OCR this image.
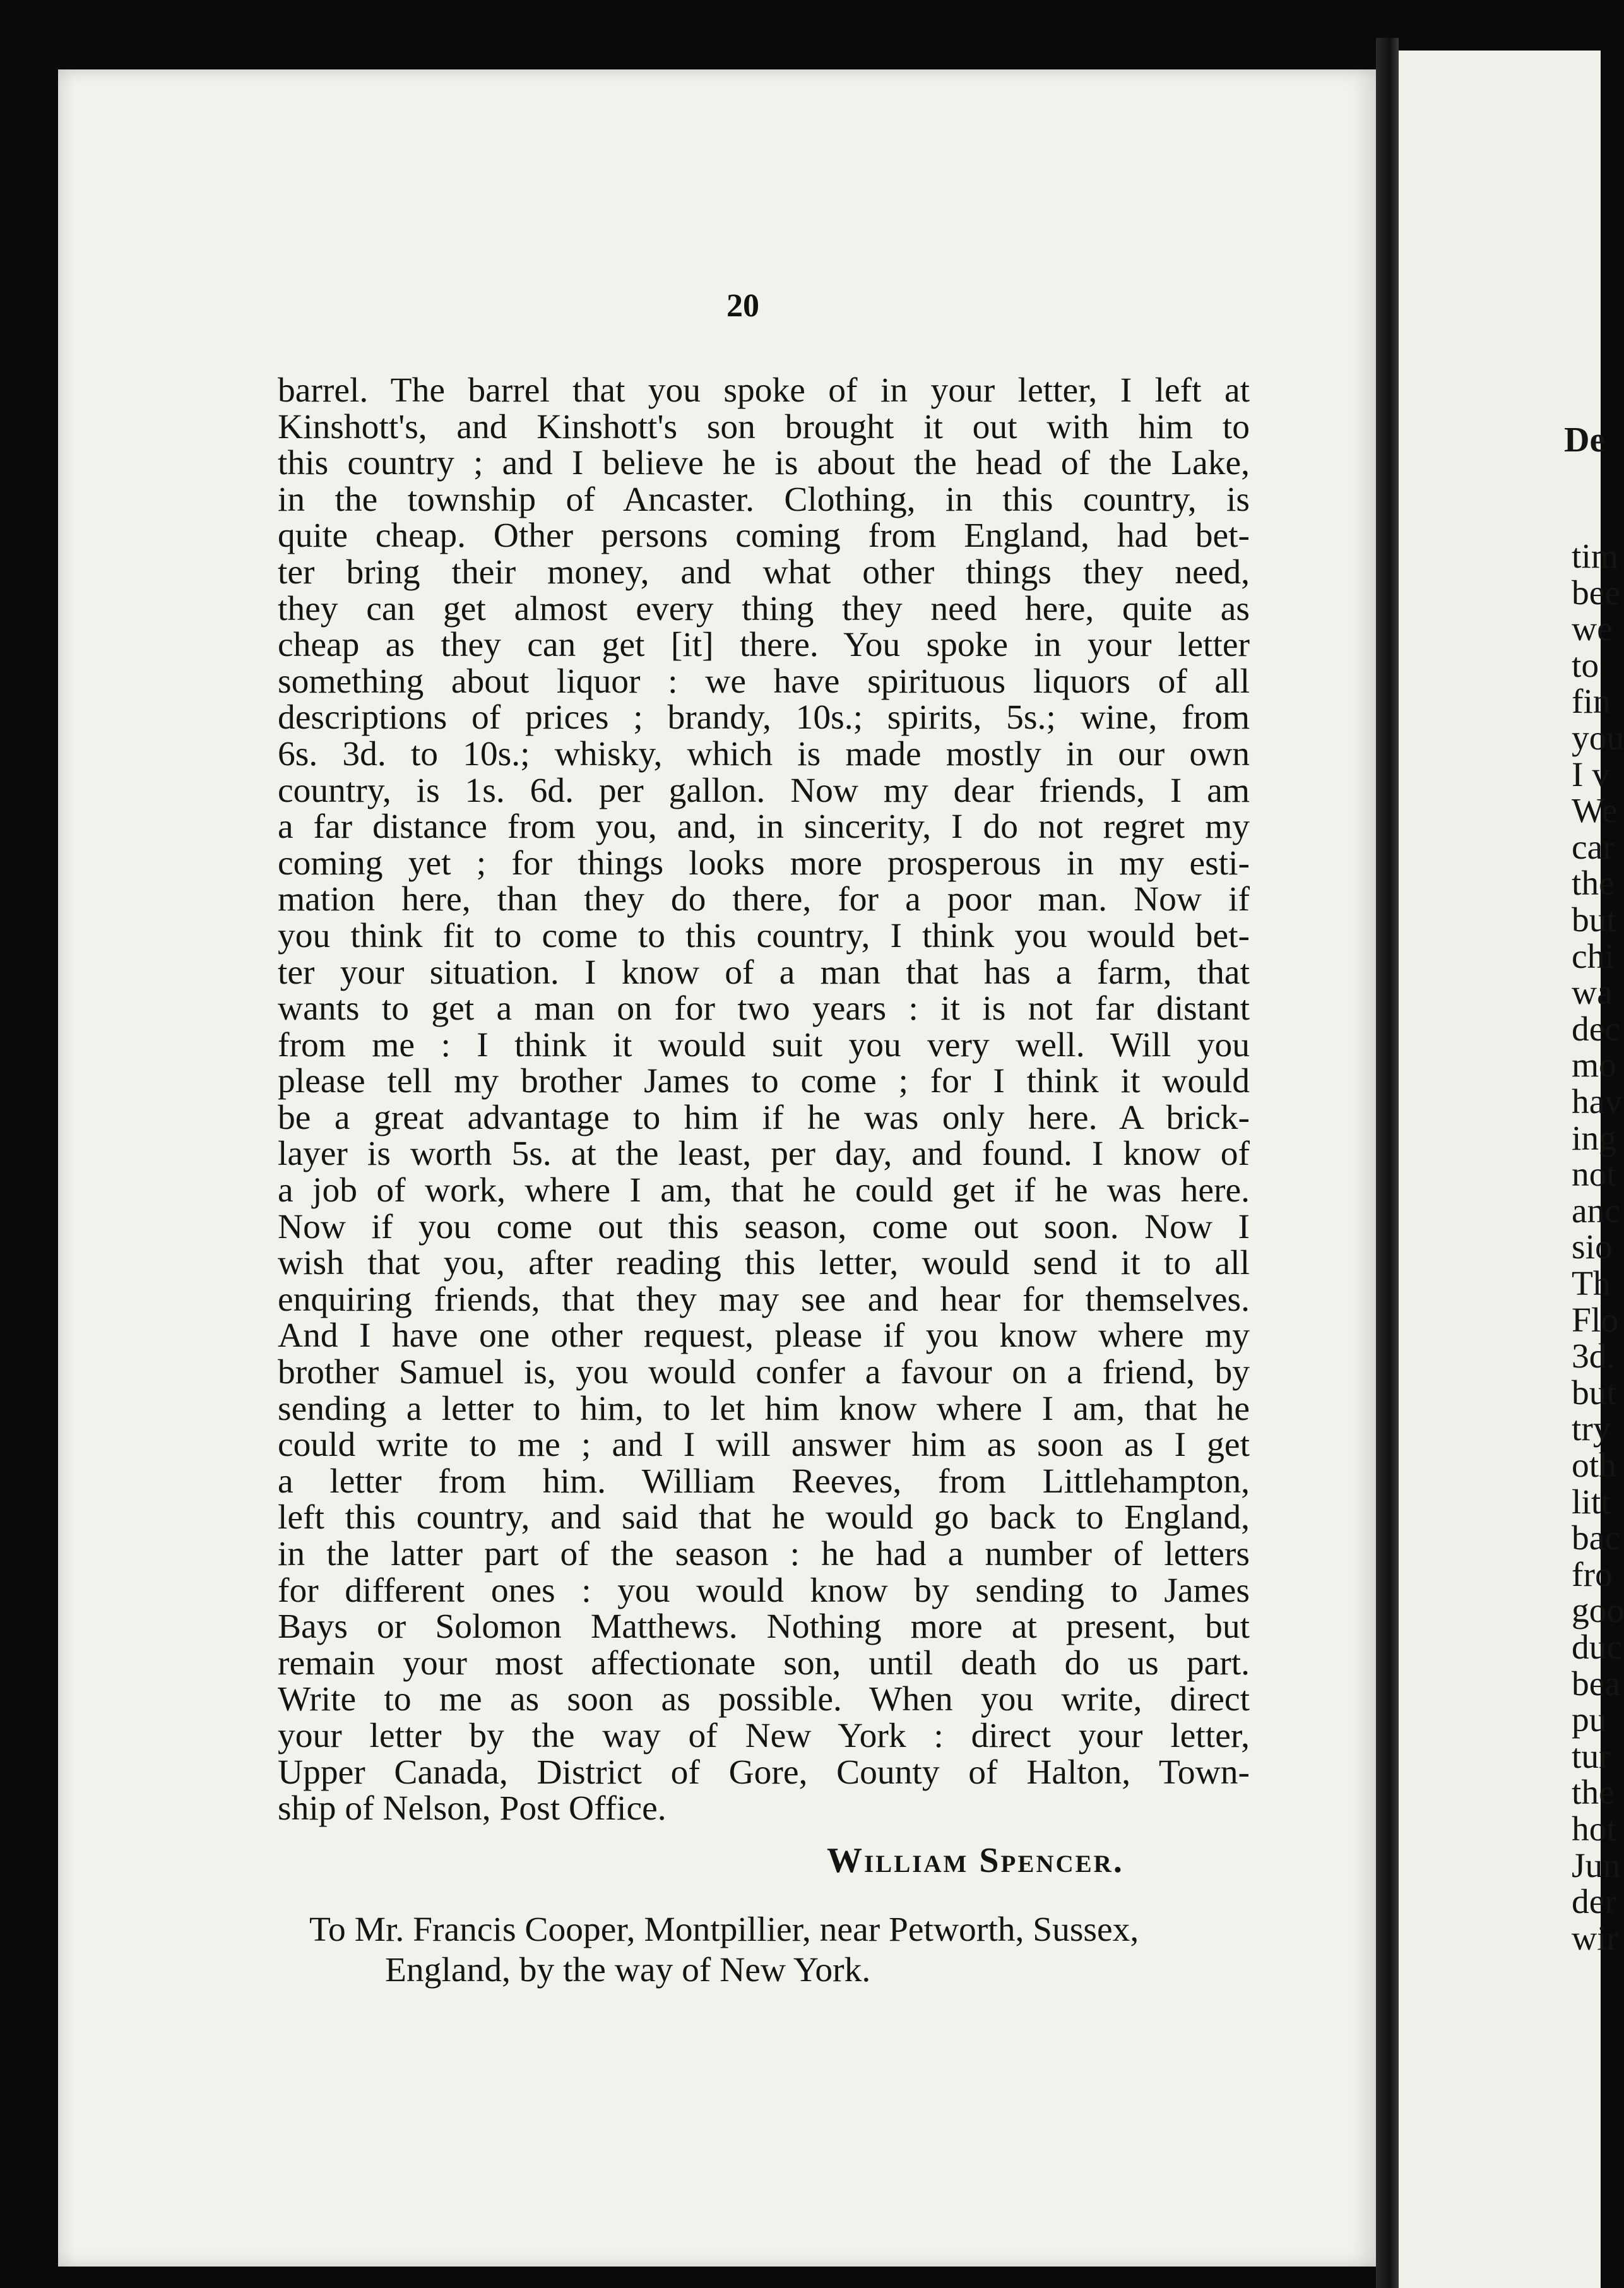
20
barrel. The barrel that you spoke of in your letter, I left at
Kinshott's, and Kinshott's son brought it out with him to
this country ; and I believe he is about the head of the Lake,
in the township of Ancaster. Clothing, in this country, is
quite cheap. Other persons coming from England, had bet-
ter bring their money, and what other things they need,
they can get almost every thing they need here, quite as
cheap as they can get [it] there. You spoke in your letter
something about liquor : we have spirituous liquors of all
descriptions of prices ; brandy, 10s.; spirits, 5s.; wine, from
6s. 3d. to 10s.; whisky, which is made mostly in our own
country, is 1s. 6d. per gallon. Now my dear friends, I am
a far distance from you, and, in sincerity, I do not regret my
coming yet ; for things looks more prosperous in my esti-
mation here, than they do there, for a poor man. Now if
you think fit to come to this country, I think you would bet-
ter your situation. I know of a man that has a farm, that
wants to get a man on for two years : it is not far distant
from me : I think it would suit you very well. Will you
please tell my brother James to come ; for I think it would
be a great advantage to him if he was only here. A brick-
layer is worth 5s. at the least, per day, and found. I know of
a job of work, where I am, that he could get if he was here.
Now if you come out this season, come out soon. Now I
wish that you, after reading this letter, would send it to all
enquiring friends, that they may see and hear for themselves.
And I have one other request, please if you know where my
brother Samuel is, you would confer a favour on a friend, by
sending a letter to him, to let him know where I am, that he
could write to me ; and I will answer him as soon as I get
a letter from him. William Reeves, from Littlehampton,
left this country, and said that he would go back to England,
in the latter part of the season : he had a number of letters
for different ones : you would know by sending to James
Bays or Solomon Matthews. Nothing more at present, but
remain your most affectionate son, until death do us part.
Write to me as soon as possible. When you write, direct
your letter by the way of New York : direct your letter,
Upper Canada, District of Gore, County of Halton, Town-
ship of Nelson, Post Office.
William Spencer.
To Mr. Francis Cooper, Montpillier, near Petworth, Sussex,
England, by the way of New York.
De
tim
bee
we
to
fin
you
I v
We
car
the
but
chi
wa
dec
mo
hav
ing
not
anc
sio
Th
Flo
3d.
but
try
oth
litt
bac
fro
goo
duc
bea
pu
tur
the
hot
Jun
der
wir
